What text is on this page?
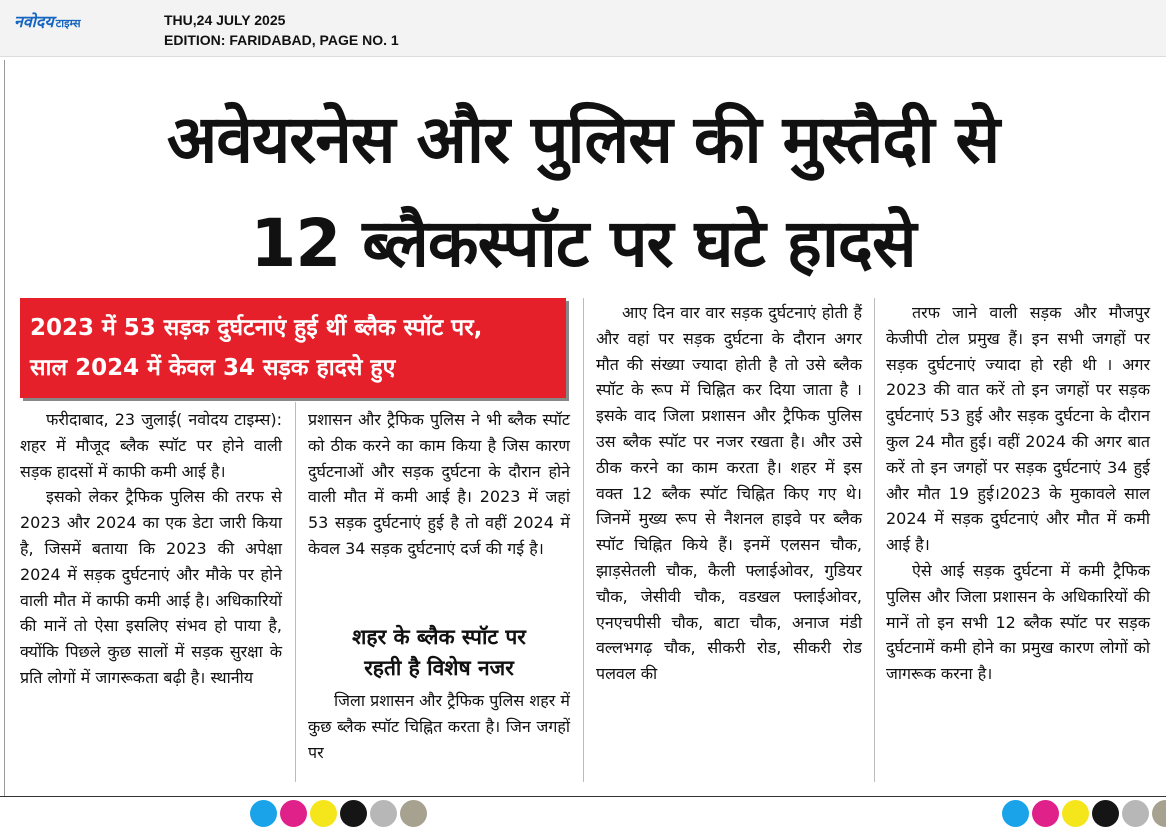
नवोदय टाइम्स	THU,24 JULY 2025
EDITION: FARIDABAD, PAGE NO. 1
अवेयरनेस और पुलिस की मुस्तैदी से
12 ब्लैकस्पॉट पर घटे हादसे
2023 में 53 सड़क दुर्घटनाएं हुई थीं ब्लैक स्पॉट पर,
साल 2024 में केवल 34 सड़क हादसे हुए

फरीदाबाद, 23 जुलाई( नवोदय टाइम्स): शहर में मौजूद ब्लैक स्पॉट पर होने वाली सड़क हादसों में काफी कमी आई है।

इसको लेकर ट्रैफिक पुलिस की तरफ से 2023 और 2024 का एक डेटा जारी किया है, जिसमें बताया कि 2023 की अपेक्षा 2024 में सड़क दुर्घटनाएं और मौके पर होने वाली मौत में काफी कमी आई है। अधिकारियों की मानें तो ऐसा इसलिए संभव हो पाया है, क्योंकि पिछले कुछ सालों में सड़क सुरक्षा के प्रति लोगों में जागरूकता बढ़ी है। स्थानीय

प्रशासन और ट्रैफिक पुलिस ने भी ब्लैक स्पॉट को ठीक करने का काम किया है जिस कारण दुर्घटनाओं और सड़क दुर्घटना के दौरान होने वाली मौत में कमी आई है। 2023 में जहां 53 सड़क दुर्घटनाएं हुई है तो वहीं 2024 में केवल 34 सड़क दुर्घटनाएं दर्ज की गई है।

शहर के ब्लैक स्पॉट पर
रहती है विशेष नजर

जिला प्रशासन और ट्रैफिक पुलिस शहर में कुछ ब्लैक स्पॉट चिह्नित करता है। जिन जगहों पर

आए दिन वार वार सड़क दुर्घटनाएं होती हैं और वहां पर सड़क दुर्घटना के दौरान अगर मौत की संख्या ज्यादा होती है तो उसे ब्लैक स्पॉट के रूप में चिह्नित कर दिया जाता है । इसके वाद जिला प्रशासन और ट्रैफिक पुलिस उस ब्लैक स्पॉट पर नजर रखता है। और उसे ठीक करने का काम करता है। शहर में इस वक्त 12 ब्लैक स्पॉट चिह्नित किए गए थे। जिनमें मुख्य रूप से नैशनल हाइवे पर ब्लैक स्पॉट चिह्नित किये हैं। इनमें एलसन चौक, झाड़सेतली चौक, कैली फ्लाईओवर, गुडियर चौक, जेसीवी चौक, वडखल फ्लाईओवर, एनएचपीसी चौक, बाटा चौक, अनाज मंडी वल्लभगढ़ चौक, सीकरी रोड, सीकरी रोड पलवल की

तरफ जाने वाली सड़क और मौजपुर केजीपी टोल प्रमुख हैं। इन सभी जगहों पर सड़क दुर्घटनाएं ज्यादा हो रही थी । अगर 2023 की वात करें तो इन जगहों पर सड़क दुर्घटनाएं 53 हुई और सड़क दुर्घटना के दौरान कुल 24 मौत हुई। वहीं 2024 की अगर बात करें तो इन जगहों पर सड़क दुर्घटनाएं 34 हुई और मौत 19 हुई।2023 के मुकावले साल 2024 में सड़क दुर्घटनाएं और मौत में कमी आई है।

ऐसे आई सड़क दुर्घटना में कमी ट्रैफिक पुलिस और जिला प्रशासन के अधिकारियों की मानें तो इन सभी 12 ब्लैक स्पॉट पर सड़क दुर्घटनामें कमी होने का प्रमुख कारण लोगों को जागरूक करना है।
